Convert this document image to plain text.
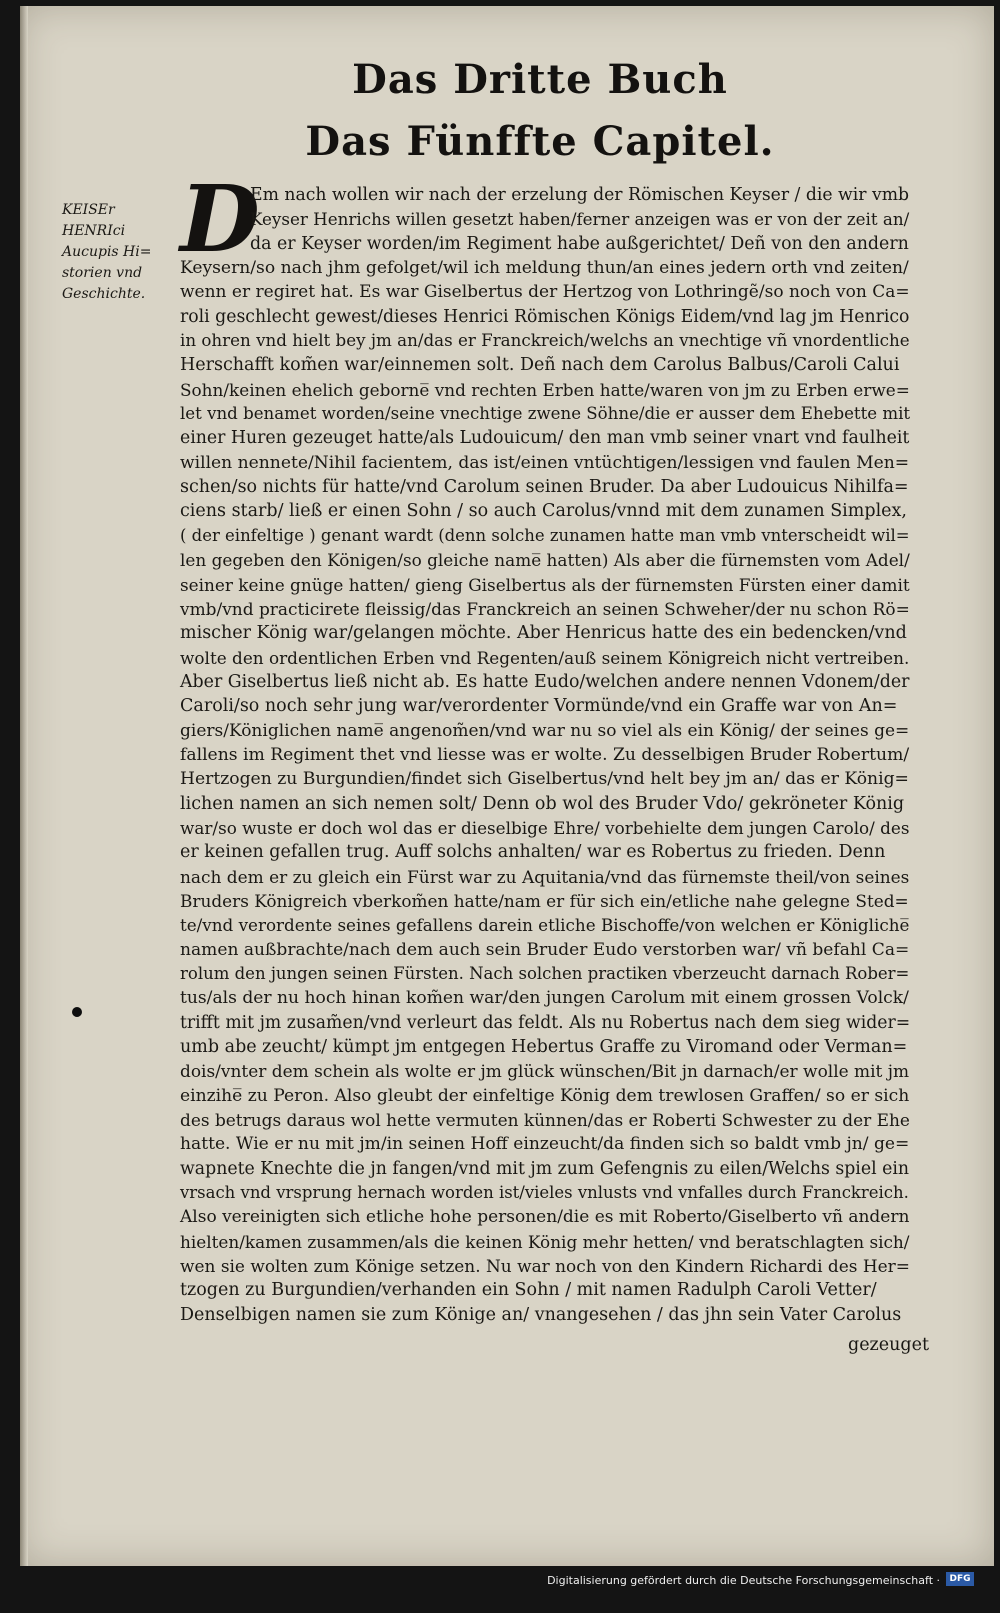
Das Dritte Buch
Das Fünffte Capitel.
KEISEr
HENRIci
Aucupis Hi=
storien vnd
Geschichte.
D
Em nach wollen wir nach der erzelung der Römischen Keyser / die wir vmb
Keyser Henrichs willen gesetzt haben/ferner anzeigen was er von der zeit an/
da er Keyser worden/im Regiment habe außgerichtet/ Deñ von den andern
Keysern/so nach jhm gefolget/wil ich meldung thun/an eines jedern orth vnd zeiten/
wenn er regiret hat. Es war Giselbertus der Hertzog von Lothringẽ/so noch von Ca=
roli geschlecht gewest/dieses Henrici Römischen Königs Eidem/vnd lag jm Henrico
in ohren vnd hielt bey jm an/das er Franckreich/welchs an vnechtige vñ vnordentliche
Herschafft kom̃en war/einnemen solt. Deñ nach dem Carolus Balbus/Caroli Calui
Sohn/keinen ehelich geborne̅ vnd rechten Erben hatte/waren von jm zu Erben erwe=
let vnd benamet worden/seine vnechtige zwene Söhne/die er ausser dem Ehebette mit
einer Huren gezeuget hatte/als Ludouicum/ den man vmb seiner vnart vnd faulheit
willen nennete/Nihil facientem, das ist/einen vntüchtigen/lessigen vnd faulen Men=
schen/so nichts für hatte/vnd Carolum seinen Bruder. Da aber Ludouicus Nihilfa=
ciens starb/ ließ er einen Sohn / so auch Carolus/vnnd mit dem zunamen Simplex,
( der einfeltige ) genant wardt (denn solche zunamen hatte man vmb vnterscheidt wil=
len gegeben den Königen/so gleiche name̅ hatten) Als aber die fürnemsten vom Adel/
seiner keine gnüge hatten/ gieng Giselbertus als der fürnemsten Fürsten einer damit
vmb/vnd practicirete fleissig/das Franckreich an seinen Schweher/der nu schon Rö=
mischer König war/gelangen möchte. Aber Henricus hatte des ein bedencken/vnd
wolte den ordentlichen Erben vnd Regenten/auß seinem Königreich nicht vertreiben.
Aber Giselbertus ließ nicht ab. Es hatte Eudo/welchen andere nennen Vdonem/der
Caroli/so noch sehr jung war/verordenter Vormünde/vnd ein Graffe war von An=
giers/Königlichen name̅ angenom̃en/vnd war nu so viel als ein König/ der seines ge=
fallens im Regiment thet vnd liesse was er wolte. Zu desselbigen Bruder Robertum/
Hertzogen zu Burgundien/findet sich Giselbertus/vnd helt bey jm an/ das er König=
lichen namen an sich nemen solt/ Denn ob wol des Bruder Vdo/ gekröneter König
war/so wuste er doch wol das er dieselbige Ehre/ vorbehielte dem jungen Carolo/ des
er keinen gefallen trug. Auff solchs anhalten/ war es Robertus zu frieden. Denn
nach dem er zu gleich ein Fürst war zu Aquitania/vnd das fürnemste theil/von seines
Bruders Königreich vberkom̃en hatte/nam er für sich ein/etliche nahe gelegne Sted=
te/vnd verordente seines gefallens darein etliche Bischoffe/von welchen er Königliche̅
namen außbrachte/nach dem auch sein Bruder Eudo verstorben war/ vñ befahl Ca=
rolum den jungen seinen Fürsten. Nach solchen practiken vberzeucht darnach Rober=
tus/als der nu hoch hinan kom̃en war/den jungen Carolum mit einem grossen Volck/
trifft mit jm zusam̃en/vnd verleurt das feldt. Als nu Robertus nach dem sieg wider=
umb abe zeucht/ kümpt jm entgegen Hebertus Graffe zu Viromand oder Verman=
dois/vnter dem schein als wolte er jm glück wünschen/Bit jn darnach/er wolle mit jm
einzihe̅ zu Peron. Also gleubt der einfeltige König dem trewlosen Graffen/ so er sich
des betrugs daraus wol hette vermuten künnen/das er Roberti Schwester zu der Ehe
hatte. Wie er nu mit jm/in seinen Hoff einzeucht/da finden sich so baldt vmb jn/ ge=
wapnete Knechte die jn fangen/vnd mit jm zum Gefengnis zu eilen/Welchs spiel ein
vrsach vnd vrsprung hernach worden ist/vieles vnlusts vnd vnfalles durch Franckreich.
Also vereinigten sich etliche hohe personen/die es mit Roberto/Giselberto vñ andern
hielten/kamen zusammen/als die keinen König mehr hetten/ vnd beratschlagten sich/
wen sie wolten zum Könige setzen. Nu war noch von den Kindern Richardi des Her=
tzogen zu Burgundien/verhanden ein Sohn / mit namen Radulph Caroli Vetter/
Denselbigen namen sie zum Könige an/ vnangesehen / das jhn sein Vater Carolus
gezeuget
Digitalisierung gefördert durch die Deutsche Forschungsgemeinschaft ·	DFG
